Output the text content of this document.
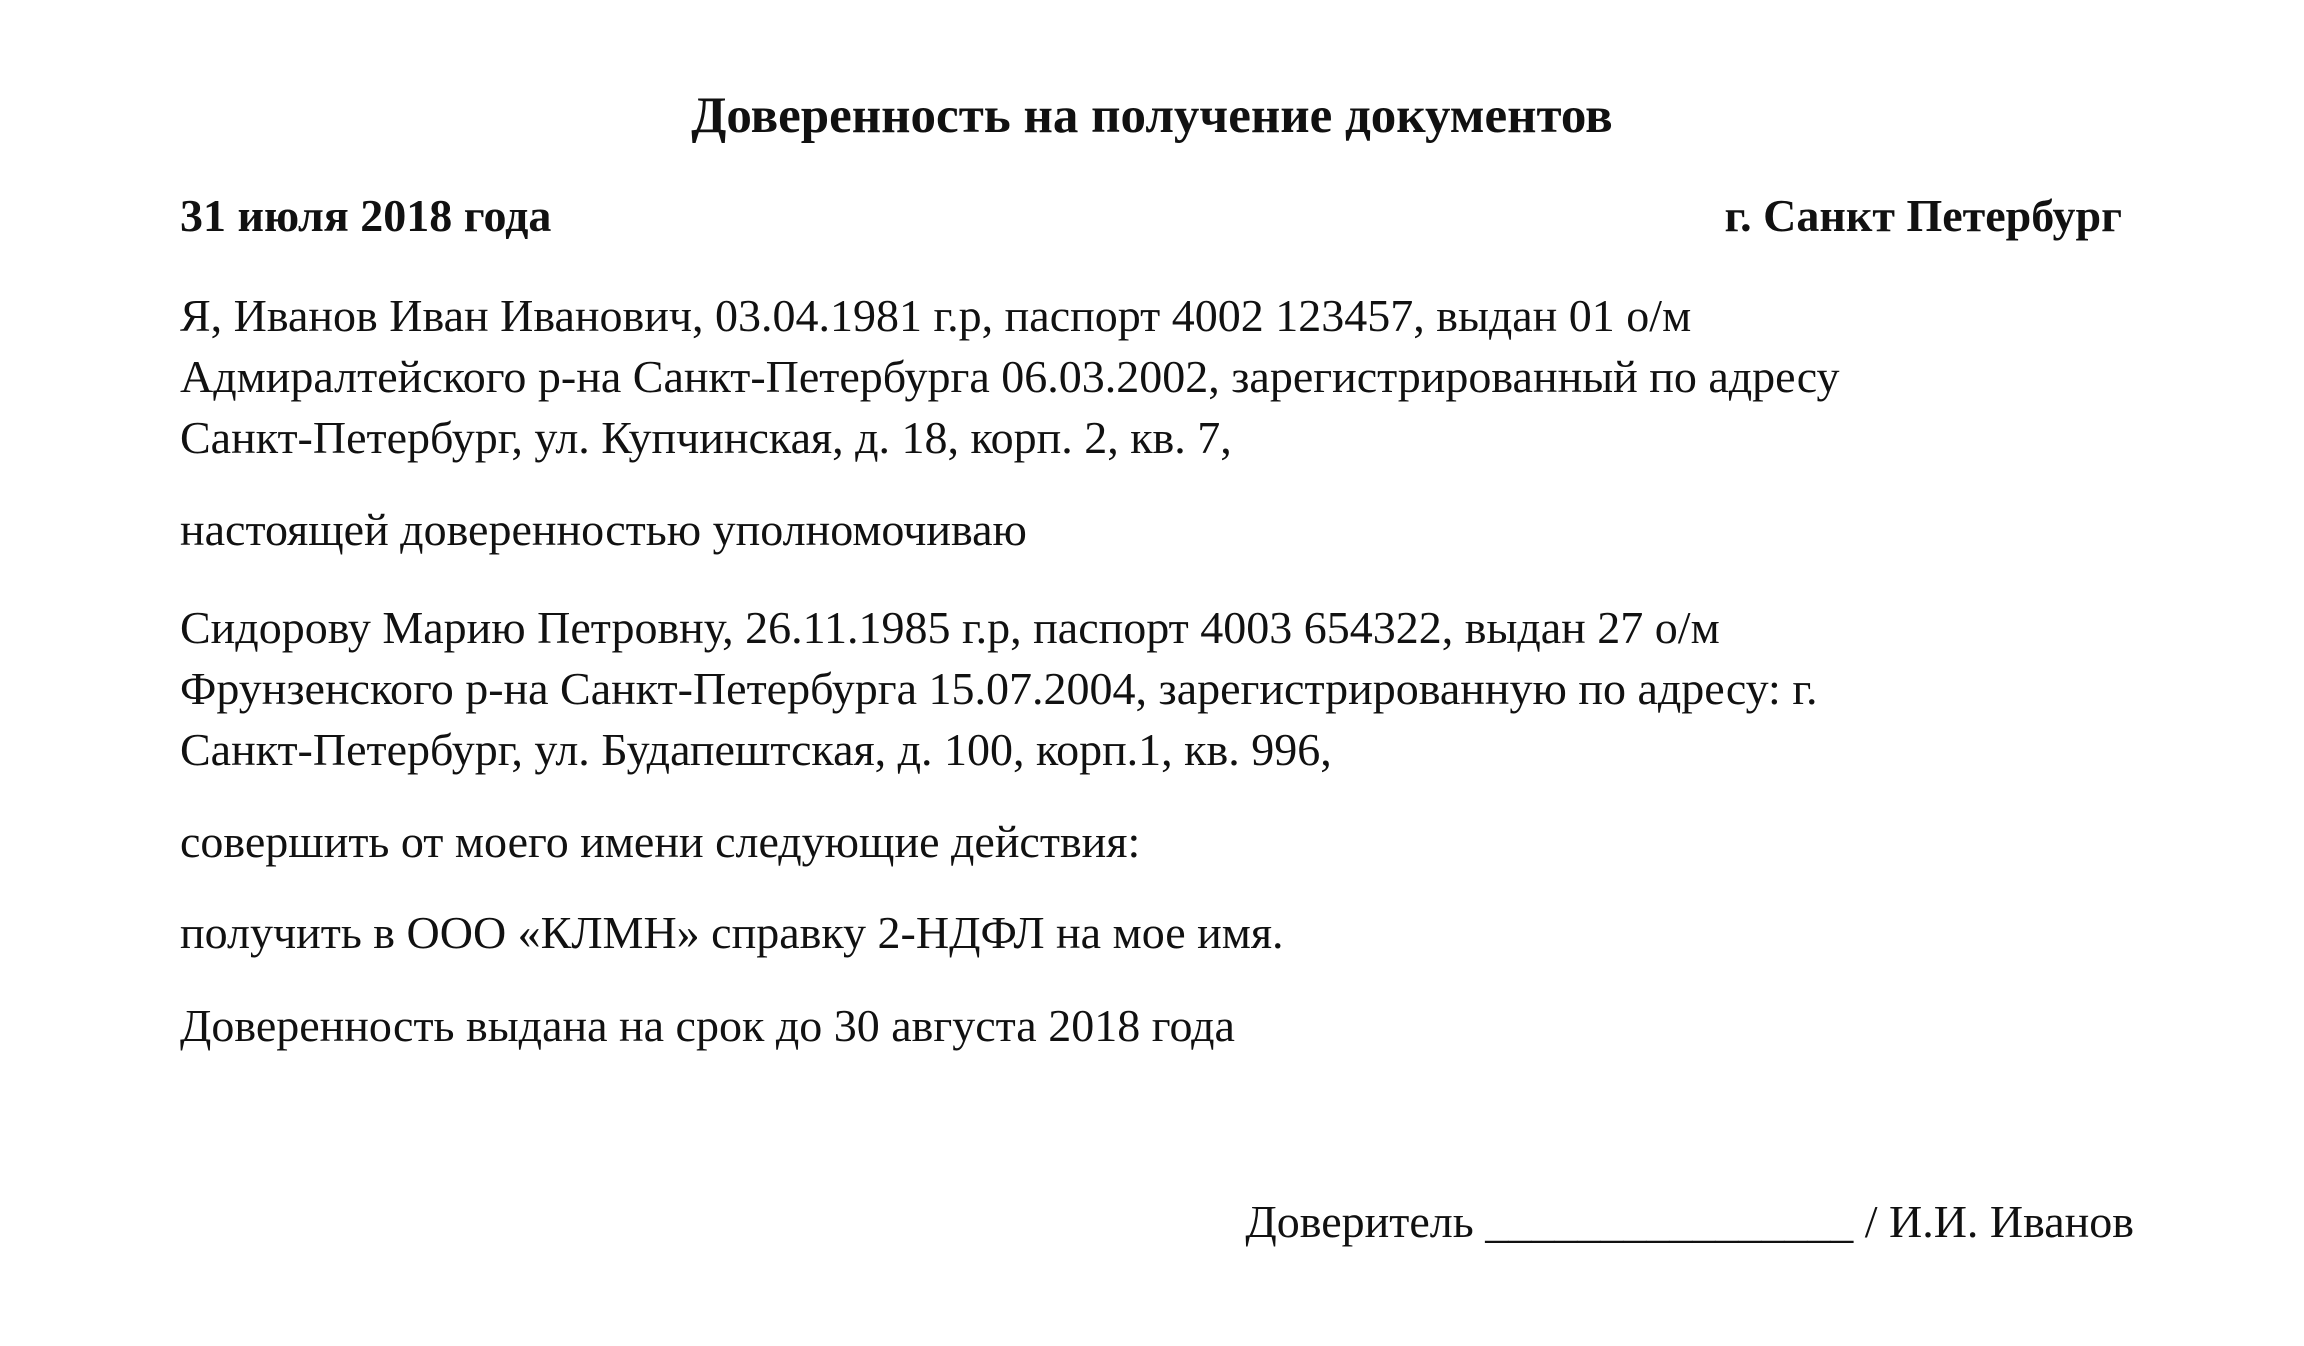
Доверенность на получение документов
31 июля 2018 года	г. Санкт Петербург
Я, Иванов Иван Иванович, 03.04.1981 г.р, паспорт 4002 123457, выдан 01 о/м
Адмиралтейского р-на Санкт-Петербурга 06.03.2002, зарегистрированный по адресу
Санкт-Петербург, ул. Купчинская, д. 18, корп. 2, кв. 7,
настоящей доверенностью уполномочиваю
Сидорову Марию Петровну, 26.11.1985 г.р, паспорт 4003 654322, выдан 27 о/м
Фрунзенского р-на Санкт-Петербурга 15.07.2004, зарегистрированную по адресу: г.
Санкт-Петербург, ул. Будапештская, д. 100, корп.1, кв. 996,
совершить от моего имени следующие действия:
получить в ООО «КЛМН» справку 2-НДФЛ на мое имя.
Доверенность выдана на срок до 30 августа 2018 года
Доверитель ________________ / И.И. Иванов
